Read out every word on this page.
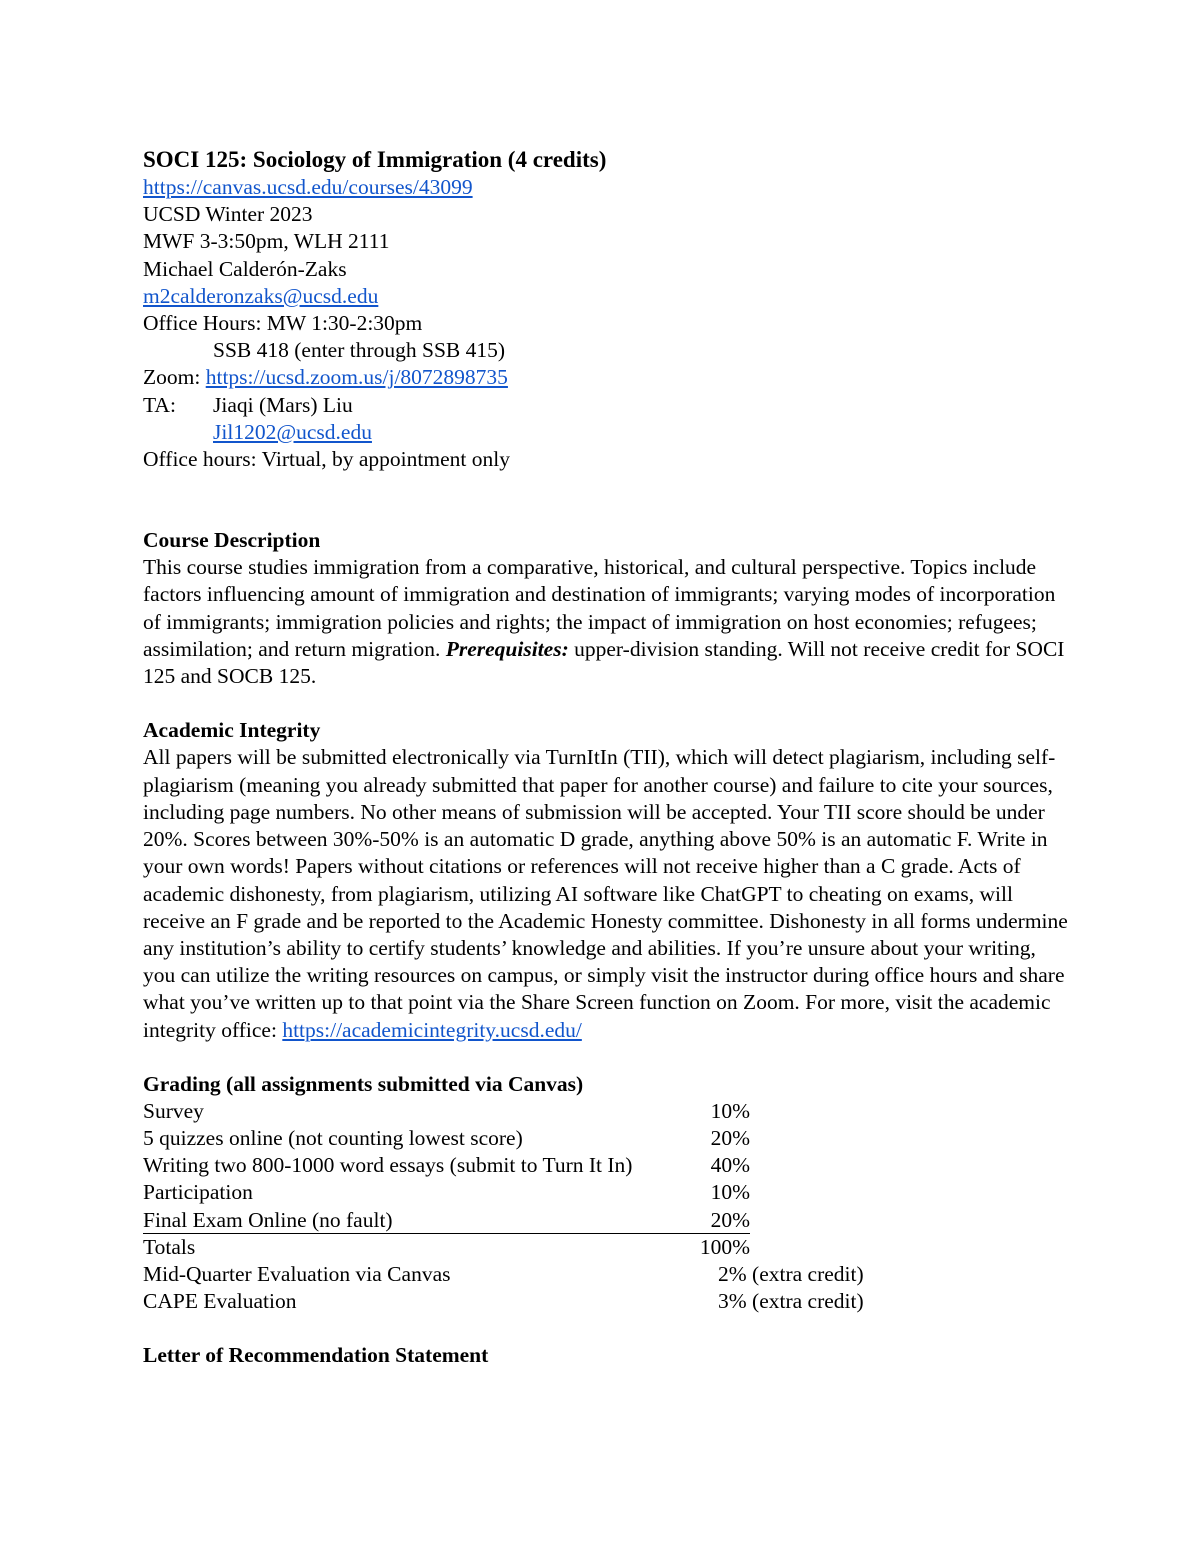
SOCI 125: Sociology of Immigration (4 credits)
https://canvas.ucsd.edu/courses/43099
UCSD Winter 2023
MWF 3-3:50pm, WLH 2111
Michael Calderón-Zaks
m2calderonzaks@ucsd.edu
Office Hours: MW 1:30-2:30pm
SSB 418 (enter through SSB 415)
Zoom: https://ucsd.zoom.us/j/8072898735
TA: Jiaqi (Mars) Liu
Jil1202@ucsd.edu
Office hours: Virtual, by appointment only
Course Description
This course studies immigration from a comparative, historical, and cultural perspective. Topics include factors influencing amount of immigration and destination of immigrants; varying modes of incorporation of immigrants; immigration policies and rights; the impact of immigration on host economies; refugees; assimilation; and return migration. Prerequisites: upper-division standing. Will not receive credit for SOCI 125 and SOCB 125.
Academic Integrity
All papers will be submitted electronically via TurnItIn (TII), which will detect plagiarism, including self-plagiarism (meaning you already submitted that paper for another course) and failure to cite your sources, including page numbers. No other means of submission will be accepted. Your TII score should be under 20%. Scores between 30%-50% is an automatic D grade, anything above 50% is an automatic F. Write in your own words! Papers without citations or references will not receive higher than a C grade. Acts of academic dishonesty, from plagiarism, utilizing AI software like ChatGPT to cheating on exams, will receive an F grade and be reported to the Academic Honesty committee. Dishonesty in all forms undermine any institution’s ability to certify students’ knowledge and abilities. If you’re unsure about your writing, you can utilize the writing resources on campus, or simply visit the instructor during office hours and share what you’ve written up to that point via the Share Screen function on Zoom. For more, visit the academic integrity office: https://academicintegrity.ucsd.edu/
Grading (all assignments submitted via Canvas)
Survey	10%
5 quizzes online (not counting lowest score)	20%
Writing two 800-1000 word essays (submit to Turn It In)	40%
Participation	10%
Final Exam Online (no fault)	20%
Totals	100%
Mid-Quarter Evaluation via Canvas	2% (extra credit)
CAPE Evaluation	3% (extra credit)
Letter of Recommendation Statement
